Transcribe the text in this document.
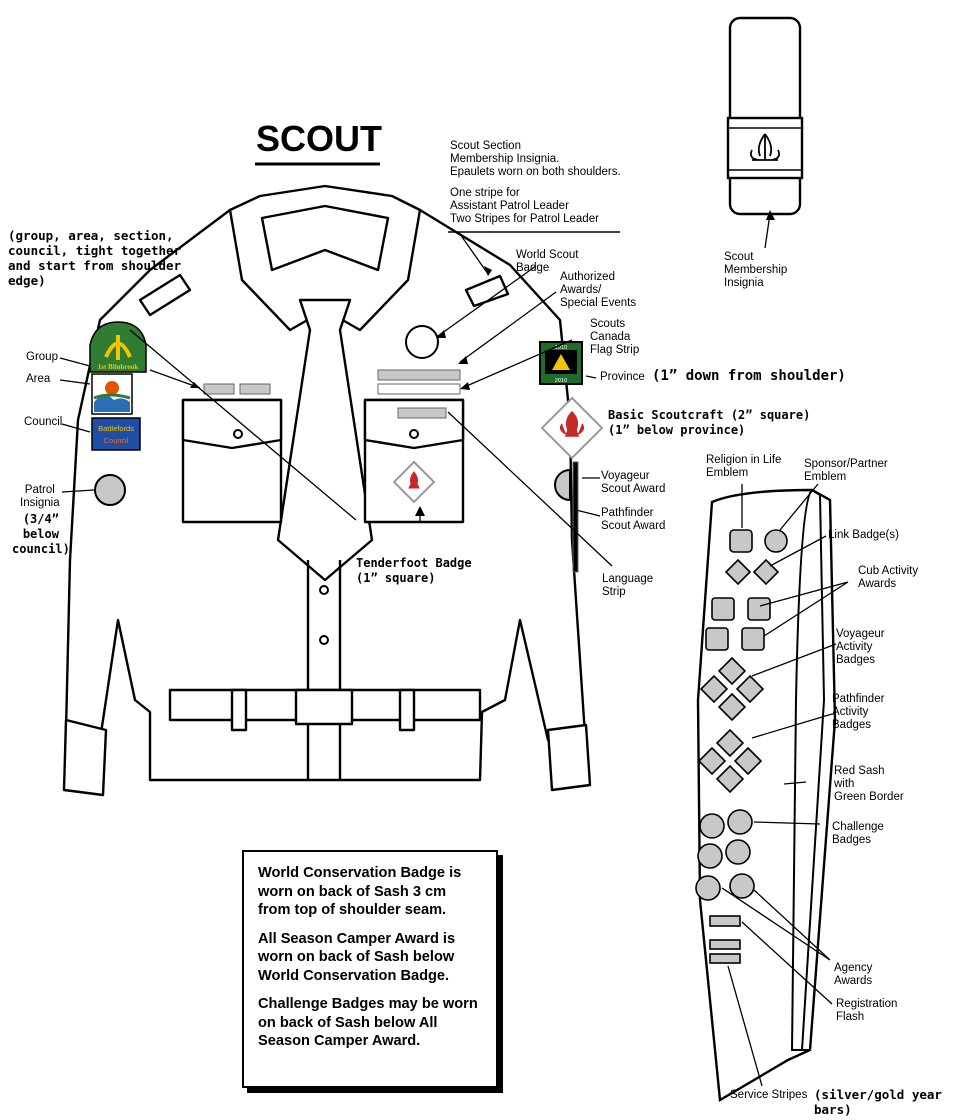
1st Blinbrook
Battlefords
Council
1910
2010
SCOUT	Scout Section
Membership Insignia.
Epaulets worn on both shoulders.
One stripe for
Assistant Patrol Leader
Two Stripes for Patrol Leader
(group, area, section,
council, tight together
and start from shoulder
edge)
World Scout
Badge
Authorized
Awards/
Special Events
Scouts
Canada
Flag Strip
Province (1” down from shoulder)
Group
Area
Council
Patrol
Insignia
(3/4”
below
council)
Basic Scoutcraft (2” square)
(1” below province)
Voyageur
Scout Award
Pathfinder
Scout Award
Tenderfoot Badge
(1” square)	Language
Strip
Scout
Membership
Insignia
Religion in Life
Emblem
Sponsor/Partner
Emblem
Link Badge(s)
Cub Activity
Awards
Voyageur
Activity
Badges
Pathfinder
Activity
Badges
Red Sash
with
Green Border
Challenge
Badges
Agency
Awards
Registration
Flash
Service Stripes (silver/gold year bars)

World Conservation Badge is worn on back of Sash 3 cm from top of shoulder seam.

All Season Camper Award is worn on back of Sash below World Conservation Badge.

Challenge Badges may be worn on back of Sash below All Season Camper Award.
